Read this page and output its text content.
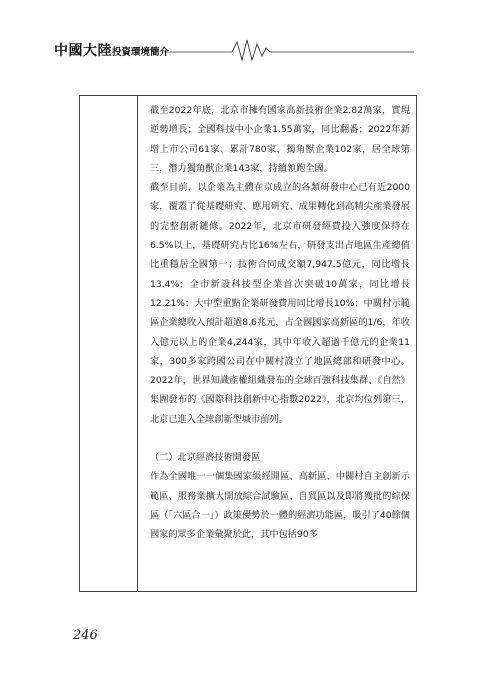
中國大陸投資環境簡介

截至2022年底，北京市擁有國家高新技術企業2.82萬家，實現逆勢增長；全國科技中小企業1.55萬家，同比翻番；2022年新增上市公司61家、累計780家，獨角獸企業102家，居全球第三，潛力獨角獸企業143家，持續領跑全國。

截至目前，以企業為主體在京成立的各類研發中心已有近2000家，覆蓋了從基礎研究、應用研究、成果轉化到高精尖產業發展的完整創新鏈條。2022年，北京市研發經費投入強度保持在6.5%以上，基礎研究占比16%左右，研發支出占地區生產總值比重穩居全國第一；技術合同成交額7,947.5億元，同比增長13.4%；全市新設科技型企業首次突破10萬家，同比增長12.21%；大中型重點企業研發費用同比增長10%；中關村示範區企業總收入預計超過8.6兆元，占全國國家高新區的1/6，年收入億元以上的企業4,244家，其中年收入超過千億元的企業11家，300多家跨國公司在中關村設立了地區總部和研發中心。2022年，世界知識產權組織發布的全球百強科技集群、《自然》集團發布的《國際科技創新中心指數2022》，北京均位列第三，北京已進入全球創新型城市前列。

（二）北京經濟技術開發區

作為全國唯一一個集國家級經開區、高新區、中關村自主創新示範區、服務業擴大開放綜合試驗區、自貿區以及即將獲批的綜保區（「六區合一」）政策優勢於一體的經濟功能區，吸引了40餘個國家的眾多企業彙聚於此，其中包括90多

246
